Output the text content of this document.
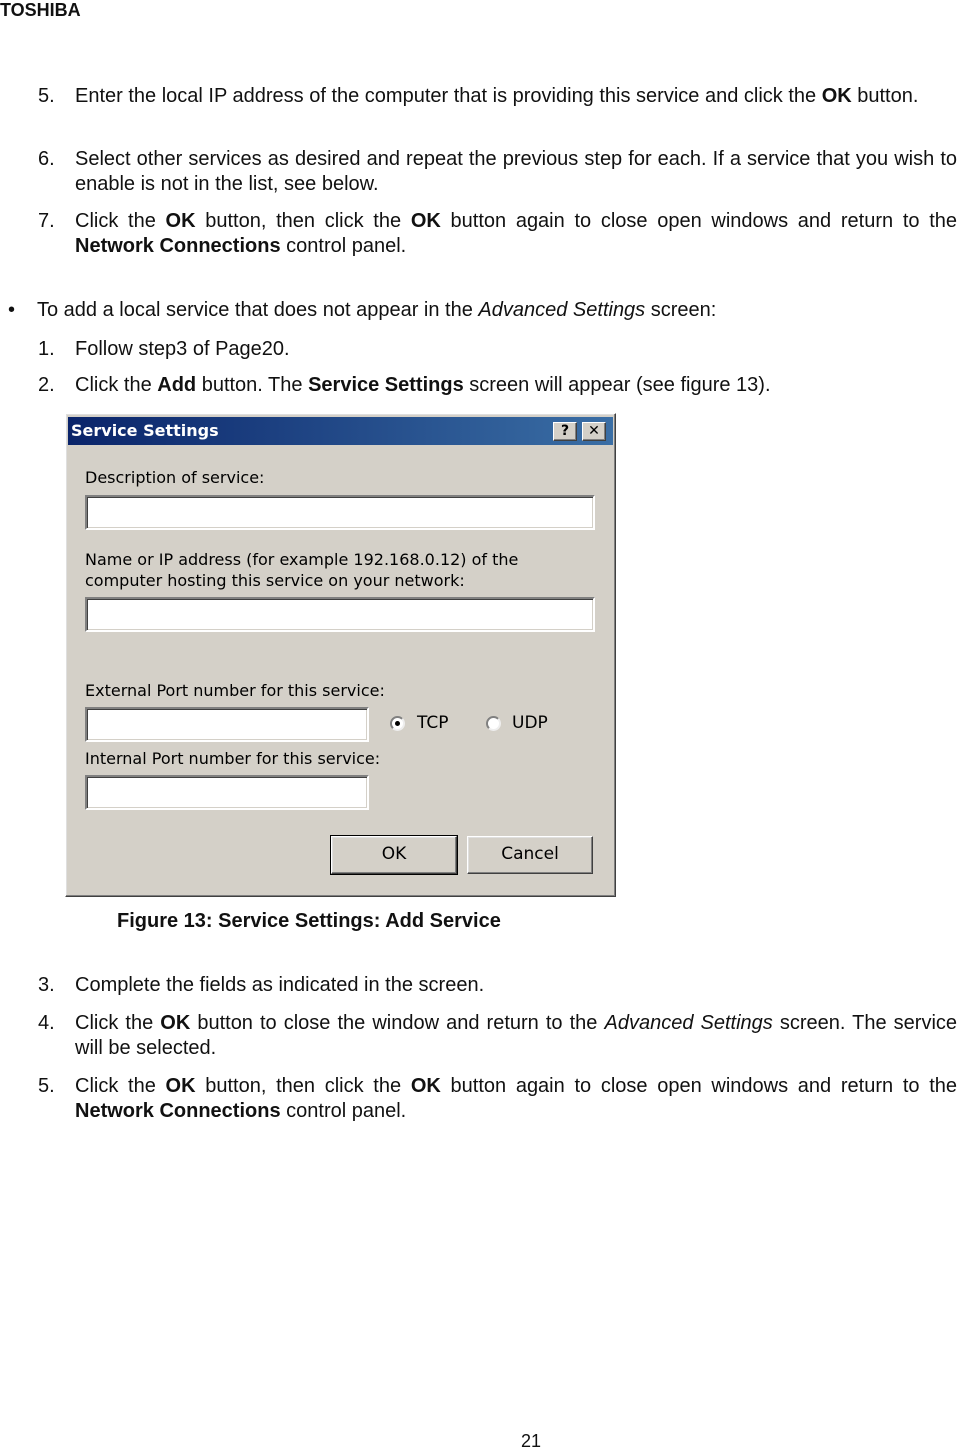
TOSHIBA
5. Enter the local IP address of the computer that is providing this service and click the OK button.
6. Select other services as desired and repeat the previous step for each. If a service that you wish to enable is not in the list, see below.
7. Click the OK button, then click the OK button again to close open windows and return to the Network Connections control panel.
• To add a local service that does not appear in the Advanced Settings screen:
1. Follow step3 of Page20.
2. Click the Add button. The Service Settings screen will appear (see figure 13).
Service Settings	?	✕
Description of service:
Name or IP address (for example 192.168.0.12) of the
computer hosting this service on your network:
External Port number for this service:
TCP	UDP
Internal Port number for this service:
OK	Cancel
Figure 13: Service Settings: Add Service
3. Complete the fields as indicated in the screen.
4. Click the OK button to close the window and return to the Advanced Settings screen. The service will be selected.
5. Click the OK button, then click the OK button again to close open windows and return to the Network Connections control panel.
21
